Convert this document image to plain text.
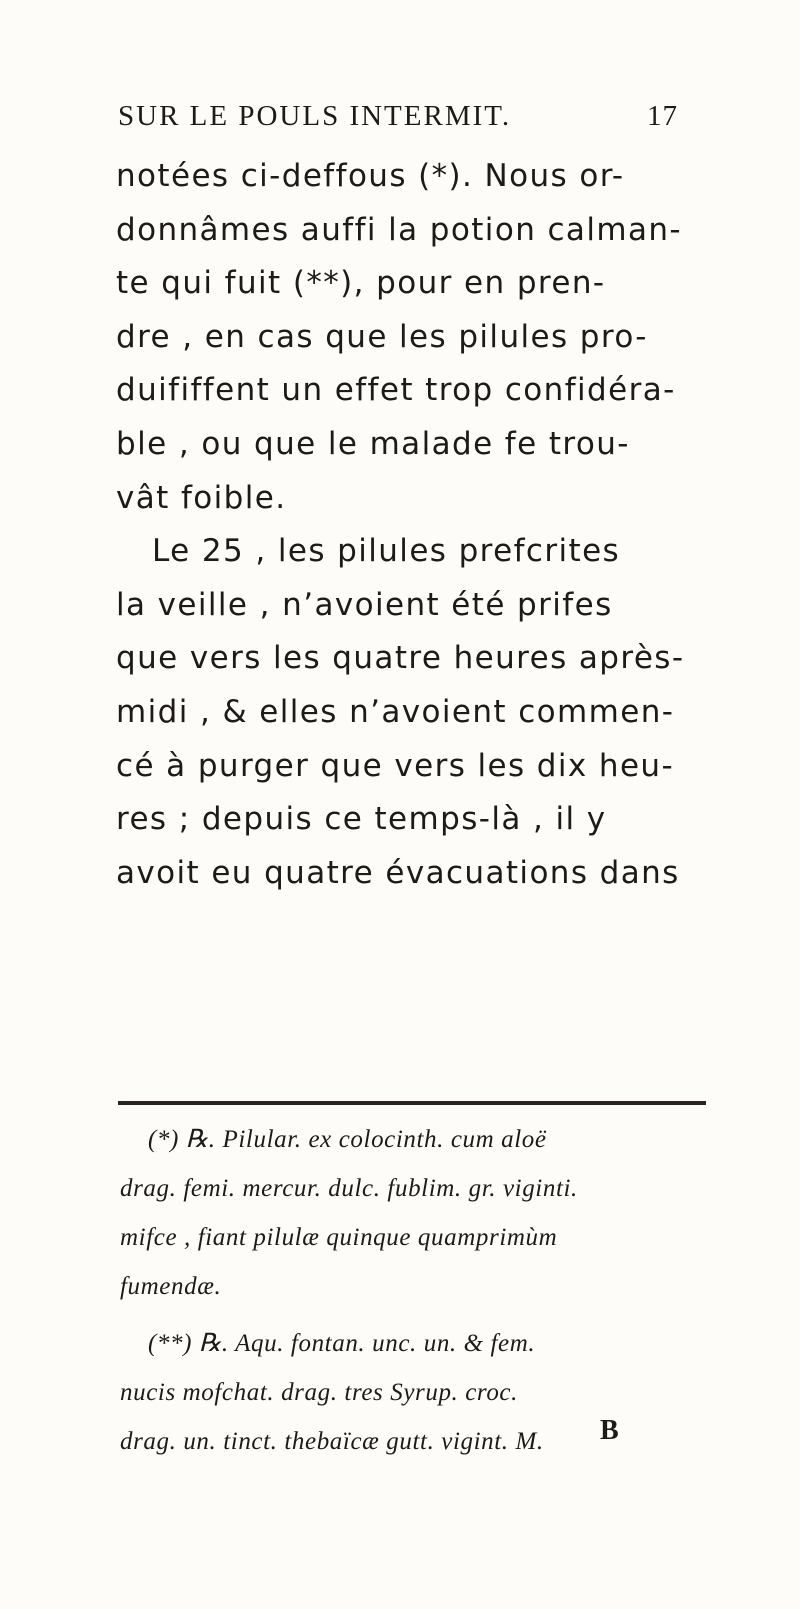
SUR LE POULS INTERMIT.	17
notées ci-deffous (*). Nous or-
donnâmes auffi la potion calman-
te qui fuit (**), pour en pren-
dre , en cas que les pilules pro-
duififfent un effet trop confidéra-
ble , ou que le malade fe trou-
vât foible.
Le 25 , les pilules prefcrites
la veille , n’avoient été prifes
que vers les quatre heures après-
midi , & elles n’avoient commen-
cé à purger que vers les dix heu-
res ; depuis ce temps-là , il y
avoit eu quatre évacuations dans
(*) ℞. Pilular. ex colocinth. cum aloë
drag. femi. mercur. dulc. fublim. gr. viginti.
mifce , fiant pilulæ quinque quamprimùm
fumendæ.
(**) ℞. Aqu. fontan. unc. un. & fem.
nucis mofchat. drag. tres Syrup. croc.
drag. un. tinct. thebaïcæ gutt. vigint. M.	B
